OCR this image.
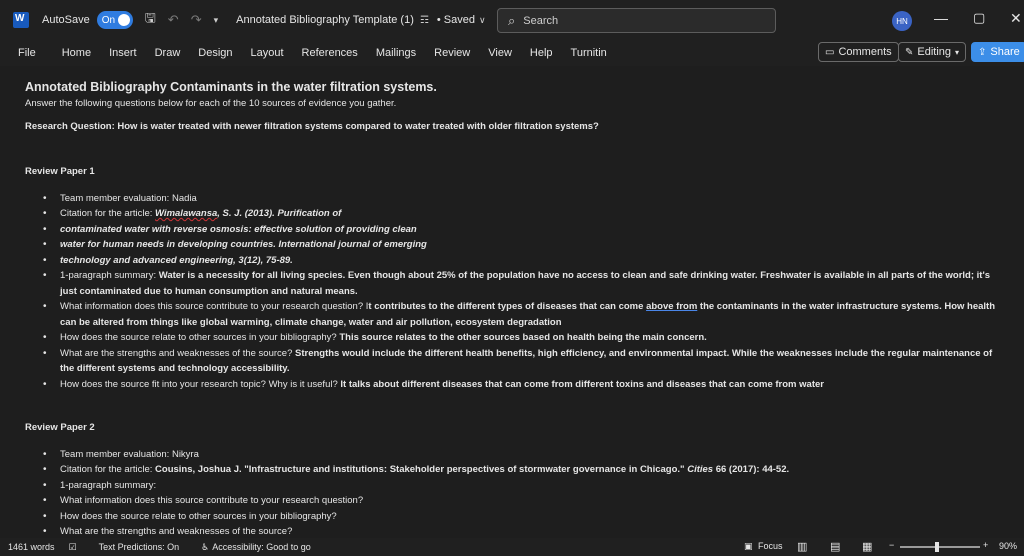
W
AutoSave On 🖫 ↶ ↷ ▾ Annotated Bibliography Template (1) ☶ • Saved ∨ ⌕
Search	HN	— ▢ ✕
File Home Insert Draw Design Layout References Mailings Review View Help Turnitin	▭ Comments ✎ Editing ▾ ⇪ Share
Annotated Bibliography Contaminants in the water filtration systems.
Answer the following questions below for each of the 10 sources of evidence you gather.
Research Question: How is water treated with newer filtration systems compared to water treated with older filtration systems?
Review Paper 1
• Team member evaluation: Nadia
• Citation for the article: Wimalawansa, S. J. (2013). Purification of
• contaminated water with reverse osmosis: effective solution of providing clean
• water for human needs in developing countries. International journal of emerging
• technology and advanced engineering, 3(12), 75-89.
• 1-paragraph summary: Water is a necessity for all living species. Even though about 25% of the population have no access to clean and safe drinking water. Freshwater is available in all parts of the world; it's just contaminated due to human consumption and natural means.
• What information does this source contribute to your research question? It contributes to the different types of diseases that can come above from the contaminants in the water infrastructure systems. How health can be altered from things like global warming, climate change, water and air pollution, ecosystem degradation
• How does the source relate to other sources in your bibliography? This source relates to the other sources based on health being the main concern.
• What are the strengths and weaknesses of the source? Strengths would include the different health benefits, high efficiency, and environmental impact. While the weaknesses include the regular maintenance of the different systems and technology accessibility.
• How does the source fit into your research topic? Why is it useful? It talks about different diseases that can come from different toxins and diseases that can come from water
Review Paper 2
• Team member evaluation: Nikyra
• Citation for the article: Cousins, Joshua J. "Infrastructure and institutions: Stakeholder perspectives of stormwater governance in Chicago." Cities 66 (2017): 44-52.
• 1-paragraph summary:
• What information does this source contribute to your research question?
• How does the source relate to other sources in your bibliography?
• What are the strengths and weaknesses of the source?
1461 words ☑ Text Predictions: On ♿ Accessibility: Good to go	▣ Focus ▥ ▤ ▦ −	+ 90%
